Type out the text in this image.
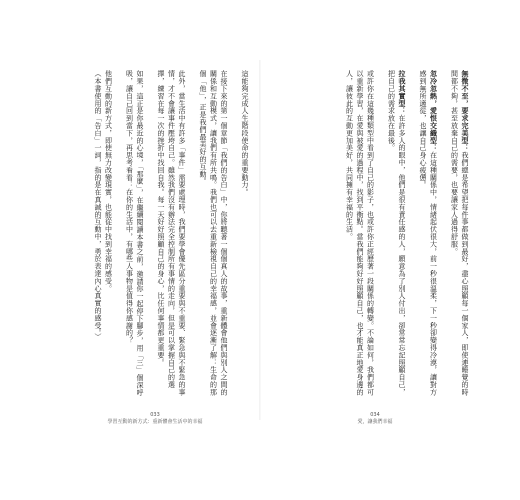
這能夠完成人生階段使命的重要動力。
在接下來的第一個章節「我們的告白」中，你將聽著一個個真人的故事，重新體會他們與別人之間的關係和互動模式，讓我們有所共鳴。我們也可以去重新檢視自己的幸福感，並會逐漸了解：生命的那個「他」，正是我們最美好的互動。
此外，當生活中有許多「事件」需要處理時，我們要學會優先區分重要與不重要、緊急與不緊急的事情，才不會讓事件壓垮自己。雖然我們沒有辦法完全控制所有事情的走向，但是可以掌握自己的選擇，練習在每一次的挫折中找回自我。每一天好好照顧自己的身心，比任何事情都更重要。
如果，這正是你最近的心境，「那麼」，在繼續閱讀本書之前，邀請你一起停下腳步，用「三」個深呼吸，讓自己回到當下，再思考看看：在你的生活中，有哪些人事物是值得你感謝的？
他們互動的新方式，即使無力改變現實，也能從中找到幸福的感受。
（本書使用的「告白」一詞，指的是在真誠的互動中，勇於表達內心真實的感受。）	無微不至，要求完美型：我們總是希望把每件事都做到最好，盡心照顧每一個家人，即使連睡覺的時間都不夠，甚至放棄自己的需要，也要讓家人過得舒服。
忽冷忽熱，愛恨交織型：在這種關係中，情緒起伏很大，前一秒很溫柔，下一秒卻變得冷漠，讓對方感到無所適從，也讓自己身心疲憊。
拉我其實型：在許多人的眼中，他們是很有責任感的人，願意為了別人付出，卻常常忘記照顧自己，把自己的需求放在最後。
或許你在這幾種類型中看到了自己的影子，也或許你正經歷著一段關係的轉變。不論如何，我們都可以重新學習，在愛與被愛的過程中，找到平衡點。當我們能夠好好照顧自己，也才能真正地愛身邊的人，讓彼此的互動更加美好，共同擁有幸福的生活。
033
學習互動的新方式：重新體會生活中的幸福
034
愛，讓我們幸福
